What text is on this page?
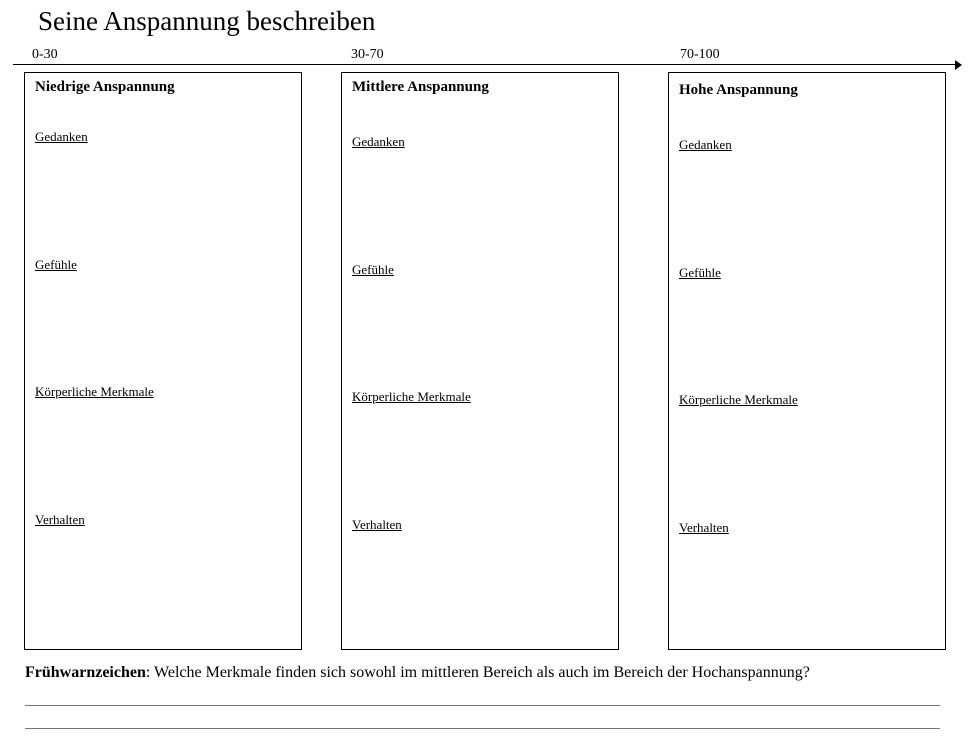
Seine Anspannung beschreiben
0-30	30-70	70-100
Niedrige Anspannung
Gedanken
Gefühle
Körperliche Merkmale
Verhalten
Mittlere Anspannung
Gedanken
Gefühle
Körperliche Merkmale
Verhalten
Hohe Anspannung
Gedanken
Gefühle
Körperliche Merkmale
Verhalten
Frühwarnzeichen: Welche Merkmale finden sich sowohl im mittleren Bereich als auch im Bereich der Hochanspannung?
